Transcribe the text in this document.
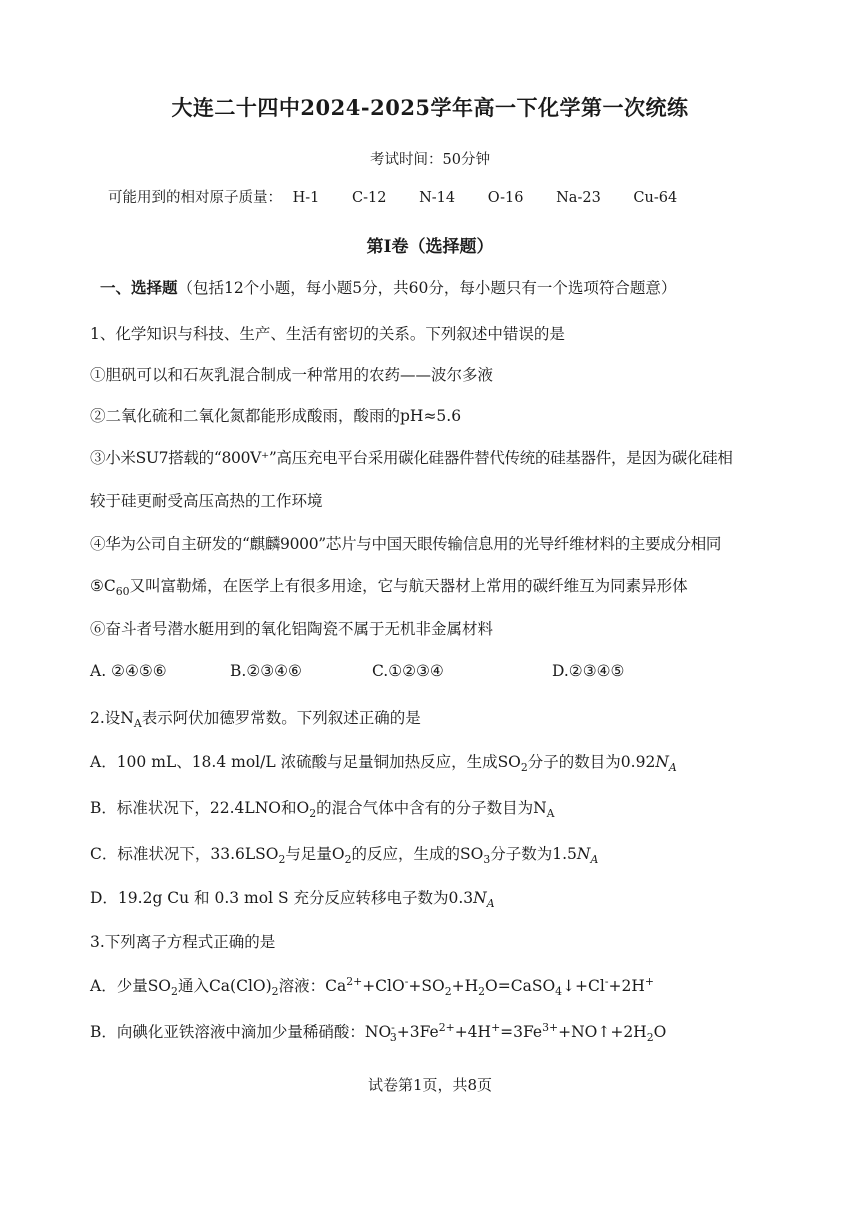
大连二十四中2024-2025学年高一下化学第一次统练
考试时间：50分钟
可能用到的相对原子质量： H-1 C-12 N-14 O-16 Na-23 Cu-64
第I卷（选择题）
一、选择题（包括12个小题，每小题5分，共60分，每小题只有一个选项符合题意）
1、化学知识与科技、生产、生活有密切的关系。下列叙述中错误的是
①胆矾可以和石灰乳混合制成一种常用的农药——波尔多液
②二氧化硫和二氧化氮都能形成酸雨，酸雨的pH≈5.6
③小米SU7搭载的“800V⁺”高压充电平台采用碳化硅器件替代传统的硅基器件，是因为碳化硅相
较于硅更耐受高压高热的工作环境
④华为公司自主研发的“麒麟9000”芯片与中国天眼传输信息用的光导纤维材料的主要成分相同
$⑤C_{60}$又叫富勒烯，在医学上有很多用途，它与航天器材上常用的碳纤维互为同素异形体
⑥奋斗者号潜水艇用到的氧化铝陶瓷不属于无机非金属材料
A. ②④⑤⑥	B.②③④⑥	C.①②③④	D.②③④⑤
2.设$N_A$表示阿伏加德罗常数。下列叙述正确的是
A．100 mL、18.4 mol/L 浓硫酸与足量铜加热反应，生成$SO_2$分子的数目为$0.92N_A$
B．标准状况下，22.4LNO和$O_2$的混合气体中含有的分子数目为$N_A$
C．标准状况下，$33.6LSO_2$与足量$O_2$的反应，生成的$SO_3$分子数为$1.5N_A$
D．19.2g Cu 和 0.3 mol S 充分反应转移电子数为$0.3N_A$
3.下列离子方程式正确的是
A．少量$SO_2$通入$Ca(ClO)_2$溶液：$Ca^{2+}+ClO^-+SO_2+H_2O=CaSO_4↓+Cl^-+2H^+$
B．向碘化亚铁溶液中滴加少量稀硝酸：$NO^-_3+3Fe^{2+}+4H^+=3Fe^{3+}+NO↑+2H_2O$
试卷第1页，共8页
